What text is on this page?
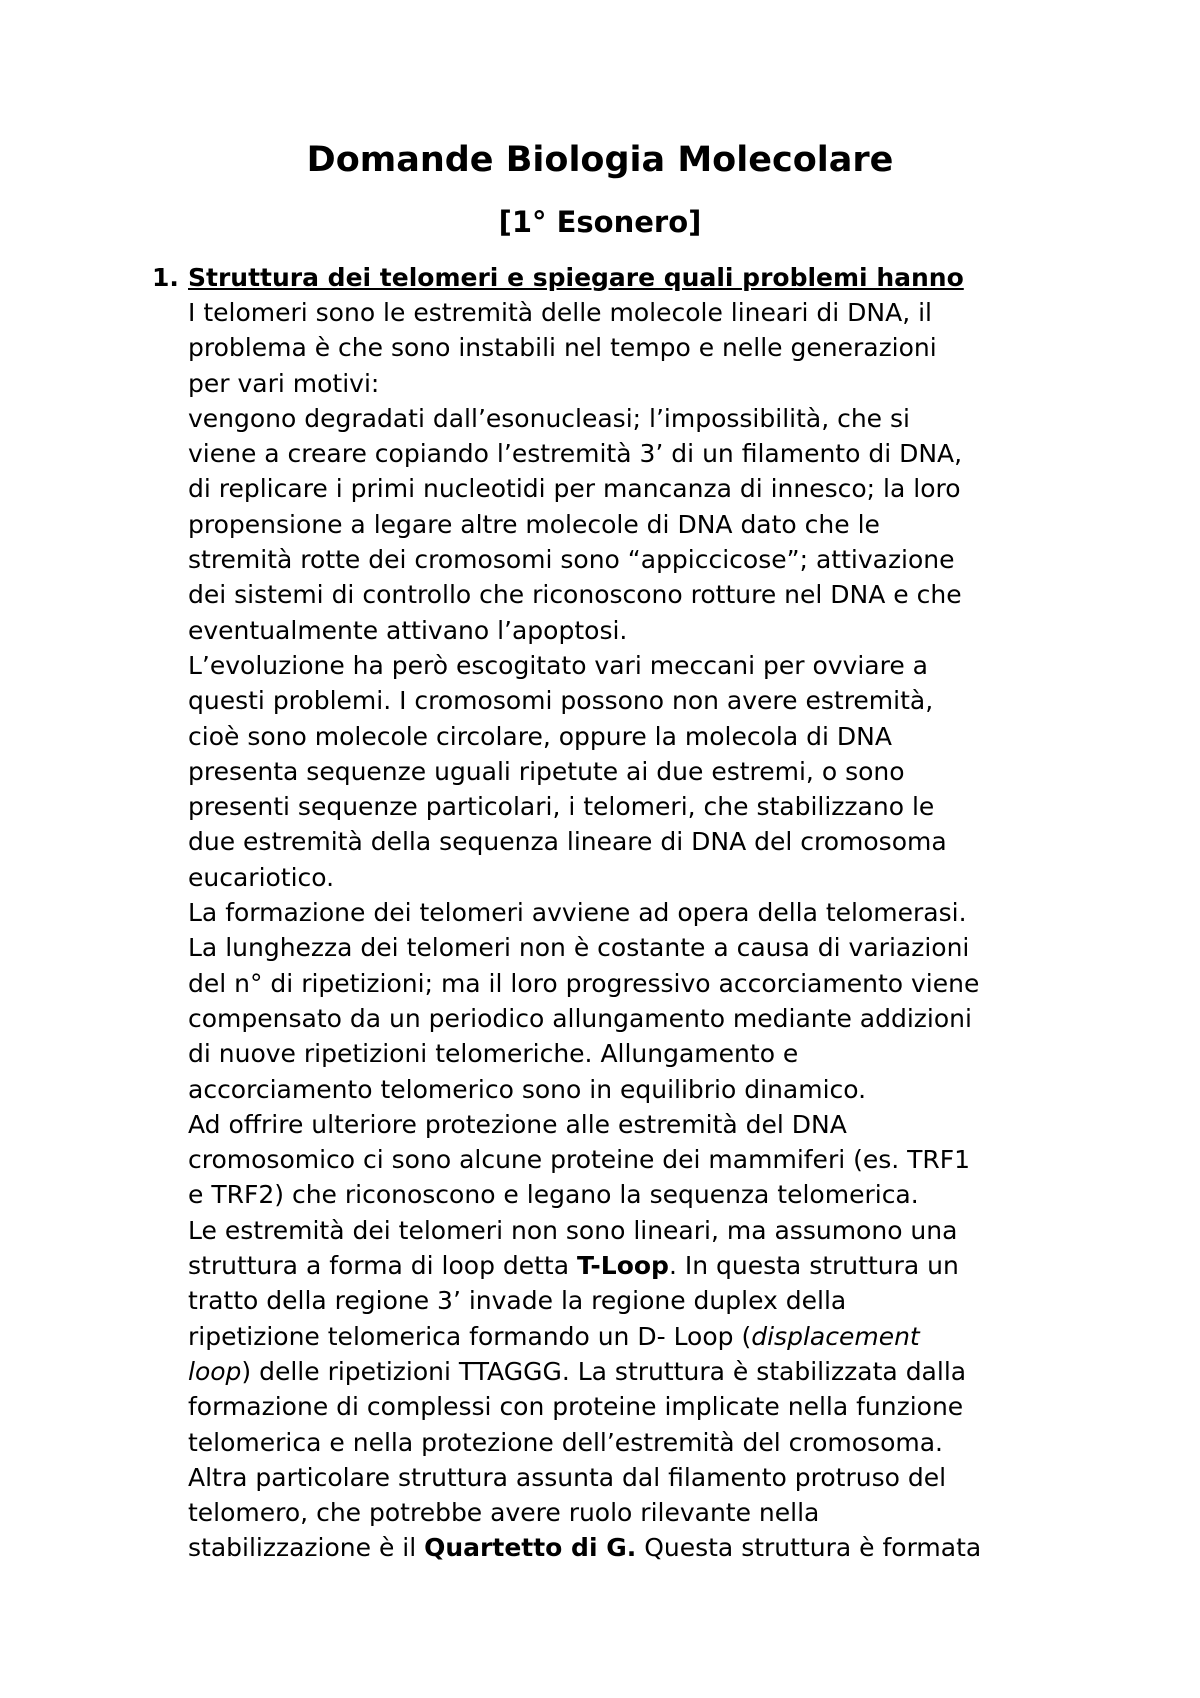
Domande Biologia Molecolare
[1° Esonero]
1. Struttura dei telomeri e spiegare quali problemi hanno
I telomeri sono le estremità delle molecole lineari di DNA, il
problema è che sono instabili nel tempo e nelle generazioni
per vari motivi:
vengono degradati dall’esonucleasi; l’impossibilità, che si
viene a creare copiando l’estremità 3’ di un filamento di DNA,
di replicare i primi nucleotidi per mancanza di innesco; la loro
propensione a legare altre molecole di DNA dato che le
stremità rotte dei cromosomi sono “appiccicose”; attivazione
dei sistemi di controllo che riconoscono rotture nel DNA e che
eventualmente attivano l’apoptosi.
L’evoluzione ha però escogitato vari meccani per ovviare a
questi problemi. I cromosomi possono non avere estremità,
cioè sono molecole circolare, oppure la molecola di DNA
presenta sequenze uguali ripetute ai due estremi, o sono
presenti sequenze particolari, i telomeri, che stabilizzano le
due estremità della sequenza lineare di DNA del cromosoma
eucariotico.
La formazione dei telomeri avviene ad opera della telomerasi.
La lunghezza dei telomeri non è costante a causa di variazioni
del n° di ripetizioni; ma il loro progressivo accorciamento viene
compensato da un periodico allungamento mediante addizioni
di nuove ripetizioni telomeriche. Allungamento e
accorciamento telomerico sono in equilibrio dinamico.
Ad offrire ulteriore protezione alle estremità del DNA
cromosomico ci sono alcune proteine dei mammiferi (es. TRF1
e TRF2) che riconoscono e legano la sequenza telomerica.
Le estremità dei telomeri non sono lineari, ma assumono una
struttura a forma di loop detta T-Loop. In questa struttura un
tratto della regione 3’ invade la regione duplex della
ripetizione telomerica formando un D- Loop (displacement
loop) delle ripetizioni TTAGGG. La struttura è stabilizzata dalla
formazione di complessi con proteine implicate nella funzione
telomerica e nella protezione dell’estremità del cromosoma.
Altra particolare struttura assunta dal filamento protruso del
telomero, che potrebbe avere ruolo rilevante nella
stabilizzazione è il Quartetto di G. Questa struttura è formata
